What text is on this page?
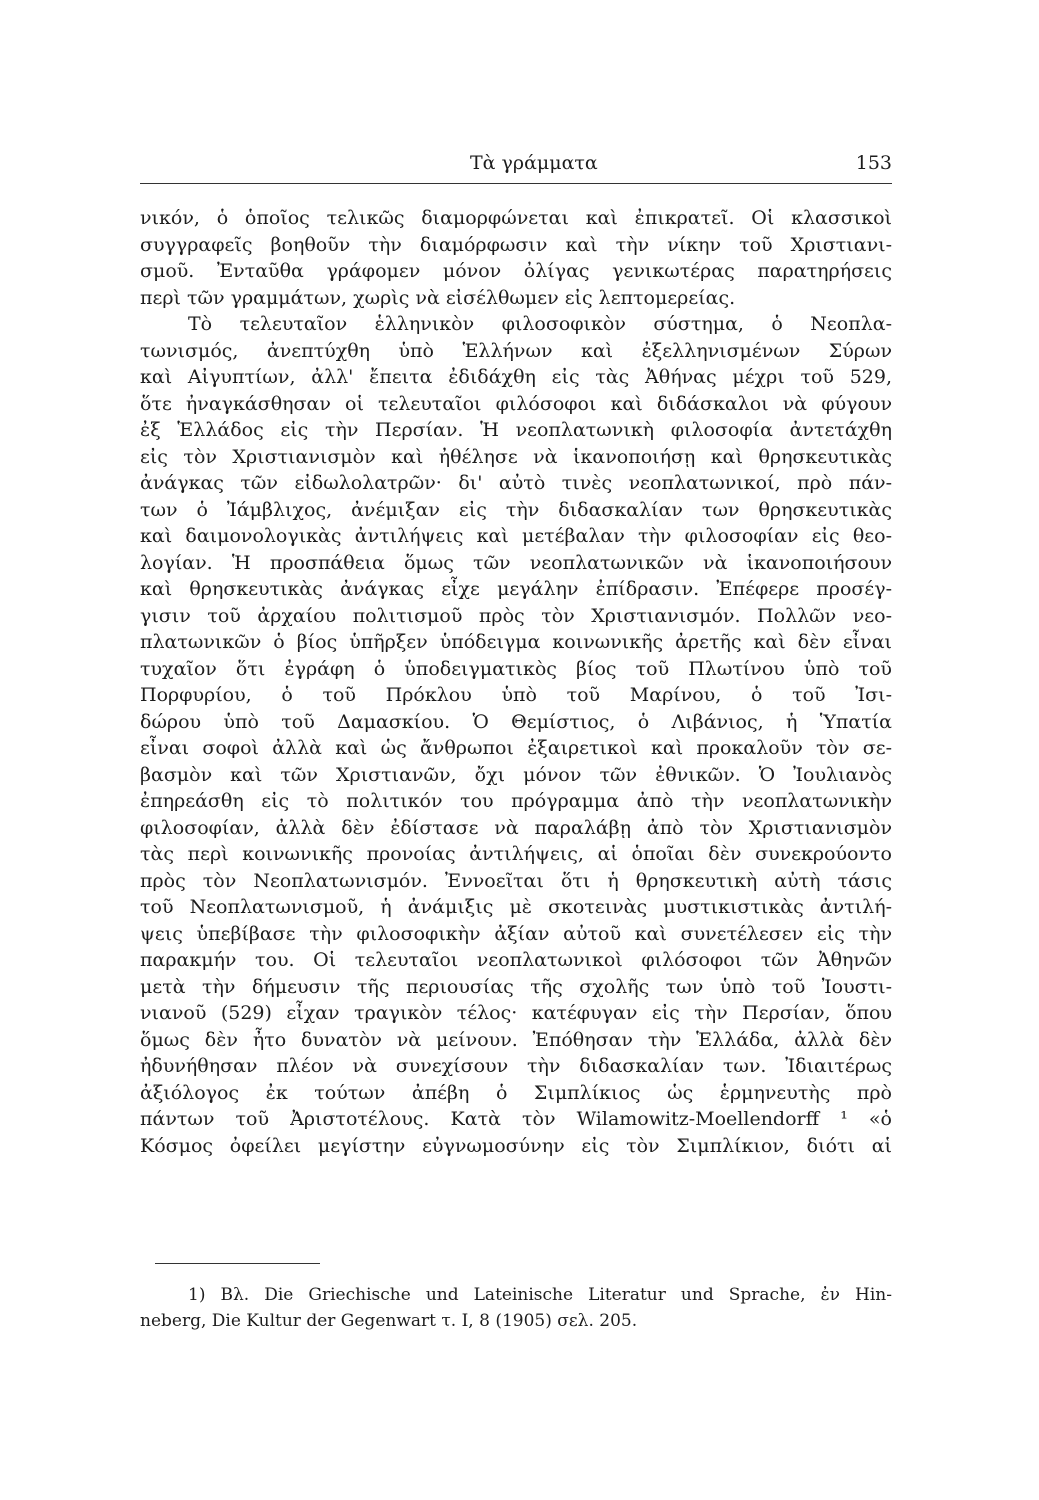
Τὰ γράμματα	153
νικόν, ὁ ὁποῖος τελικῶς διαμορφώνεται καὶ ἐπικρατεῖ. Οἱ κλασσικοὶ
συγγραφεῖς βοηθοῦν τὴν διαμόρφωσιν καὶ τὴν νίκην τοῦ Χριστιανι-
σμοῦ. Ἐνταῦθα γράφομεν μόνον ὀλίγας γενικωτέρας παρατηρήσεις
περὶ τῶν γραμμάτων, χωρὶς νὰ εἰσέλθωμεν εἰς λεπτομερείας.
Τὸ τελευταῖον ἑλληνικὸν φιλοσοφικὸν σύστημα, ὁ Νεοπλα-
τωνισμός, ἀνεπτύχθη ὑπὸ Ἑλλήνων καὶ ἐξελληνισμένων Σύρων
καὶ Αἰγυπτίων, ἀλλ' ἔπειτα ἐδιδάχθη εἰς τὰς Ἀθήνας μέχρι τοῦ 529,
ὅτε ἠναγκάσθησαν οἱ τελευταῖοι φιλόσοφοι καὶ διδάσκαλοι νὰ φύγουν
ἐξ Ἑλλάδος εἰς τὴν Περσίαν. Ἡ νεοπλατωνικὴ φιλοσοφία ἀντετάχθη
εἰς τὸν Χριστιανισμὸν καὶ ἠθέλησε νὰ ἱκανοποιήσῃ καὶ θρησκευτικὰς
ἀνάγκας τῶν εἰδωλολατρῶν· δι' αὐτὸ τινὲς νεοπλατωνικοί, πρὸ πάν-
των ὁ Ἰάμβλιχος, ἀνέμιξαν εἰς τὴν διδασκαλίαν των θρησκευτικὰς
καὶ δαιμονολογικὰς ἀντιλήψεις καὶ μετέβαλαν τὴν φιλοσοφίαν εἰς θεο-
λογίαν. Ἡ προσπάθεια ὅμως τῶν νεοπλατωνικῶν νὰ ἱκανοποιήσουν
καὶ θρησκευτικὰς ἀνάγκας εἶχε μεγάλην ἐπίδρασιν. Ἐπέφερε προσέγ-
γισιν τοῦ ἀρχαίου πολιτισμοῦ πρὸς τὸν Χριστιανισμόν. Πολλῶν νεο-
πλατωνικῶν ὁ βίος ὑπῆρξεν ὑπόδειγμα κοινωνικῆς ἀρετῆς καὶ δὲν εἶναι
τυχαῖον ὅτι ἐγράφη ὁ ὑποδειγματικὸς βίος τοῦ Πλωτίνου ὑπὸ τοῦ
Πορφυρίου, ὁ τοῦ Πρόκλου ὑπὸ τοῦ Μαρίνου, ὁ τοῦ Ἰσι-
δώρου ὑπὸ τοῦ Δαμασκίου. Ὁ Θεμίστιος, ὁ Λιβάνιος, ἡ Ὑπατία
εἶναι σοφοὶ ἀλλὰ καὶ ὡς ἄνθρωποι ἐξαιρετικοὶ καὶ προκαλοῦν τὸν σε-
βασμὸν καὶ τῶν Χριστιανῶν, ὄχι μόνον τῶν ἐθνικῶν. Ὁ Ἰουλιανὸς
ἐπηρεάσθη εἰς τὸ πολιτικόν του πρόγραμμα ἀπὸ τὴν νεοπλατωνικὴν
φιλοσοφίαν, ἀλλὰ δὲν ἐδίστασε νὰ παραλάβῃ ἀπὸ τὸν Χριστιανισμὸν
τὰς περὶ κοινωνικῆς προνοίας ἀντιλήψεις, αἱ ὁποῖαι δὲν συνεκρούοντο
πρὸς τὸν Νεοπλατωνισμόν. Ἐννοεῖται ὅτι ἡ θρησκευτικὴ αὐτὴ τάσις
τοῦ Νεοπλατωνισμοῦ, ἡ ἀνάμιξις μὲ σκοτεινὰς μυστικιστικὰς ἀντιλή-
ψεις ὑπεβίβασε τὴν φιλοσοφικὴν ἀξίαν αὐτοῦ καὶ συνετέλεσεν εἰς τὴν
παρακμήν του. Οἱ τελευταῖοι νεοπλατωνικοὶ φιλόσοφοι τῶν Ἀθηνῶν
μετὰ τὴν δήμευσιν τῆς περιουσίας τῆς σχολῆς των ὑπὸ τοῦ Ἰουστι-
νιανοῦ (529) εἶχαν τραγικὸν τέλος· κατέφυγαν εἰς τὴν Περσίαν, ὅπου
ὅμως δὲν ἦτο δυνατὸν νὰ μείνουν. Ἐπόθησαν τὴν Ἑλλάδα, ἀλλὰ δὲν
ἠδυνήθησαν πλέον νὰ συνεχίσουν τὴν διδασκαλίαν των. Ἰδιαιτέρως
ἀξιόλογος ἐκ τούτων ἀπέβη ὁ Σιμπλίκιος ὡς ἑρμηνευτὴς πρὸ
πάντων τοῦ Ἀριστοτέλους. Κατὰ τὸν Wilamowitz-Moellendorff ¹ «ὁ
Κόσμος ὀφείλει μεγίστην εὐγνωμοσύνην εἰς τὸν Σιμπλίκιον, διότι αἱ
1) Βλ. Die Griechische und Lateinische Literatur und Sprache, ἐν Hin-
neberg, Die Kultur der Gegenwart τ. I, 8 (1905) σελ. 205.
